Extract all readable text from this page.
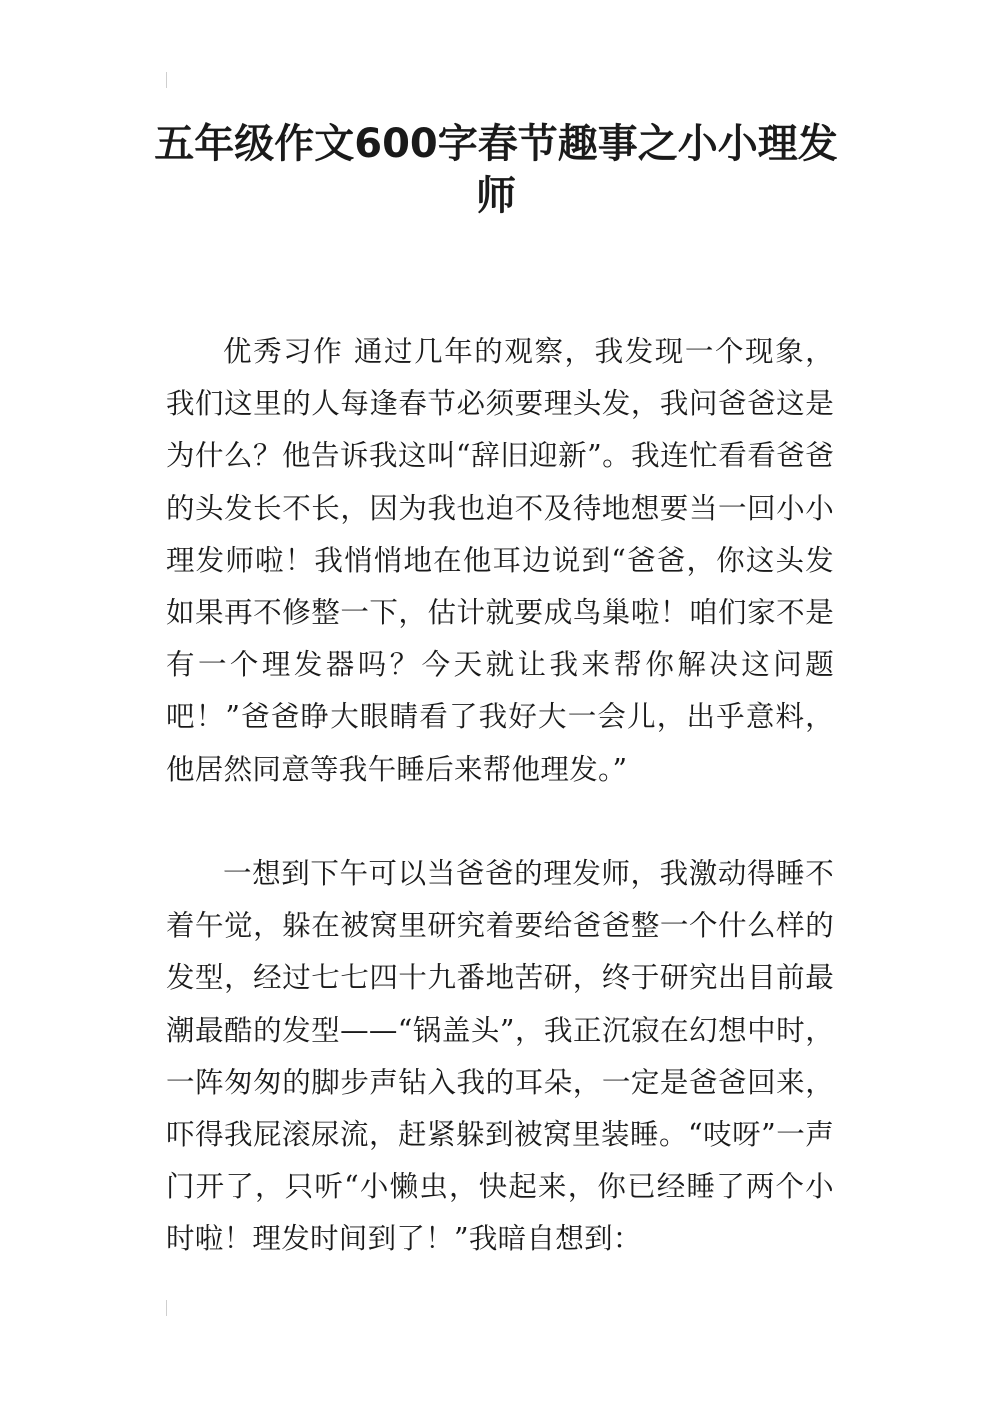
五年级作文600字春节趣事之小小理发师

优秀习作 通过几年的观察，我发现一个现象，我们这里的人每逢春节必须要理头发，我问爸爸这是为什么？他告诉我这叫“辞旧迎新”。我连忙看看爸爸的头发长不长，因为我也迫不及待地想要当一回小小理发师啦！我悄悄地在他耳边说到“爸爸，你这头发如果再不修整一下，估计就要成鸟巢啦！咱们家不是有一个理发器吗？今天就让我来帮你解决这问题吧！”爸爸睁大眼睛看了我好大一会儿，出乎意料，他居然同意等我午睡后来帮他理发。”

一想到下午可以当爸爸的理发师，我激动得睡不着午觉，躲在被窝里研究着要给爸爸整一个什么样的发型，经过七七四十九番地苦研，终于研究出目前最潮最酷的发型——“锅盖头”，我正沉寂在幻想中时，一阵匆匆的脚步声钻入我的耳朵，一定是爸爸回来，吓得我屁滚尿流，赶紧躲到被窝里装睡。“吱呀”一声门开了，只听“小懒虫，快起来，你已经睡了两个小时啦！理发时间到了！”我暗自想到：
